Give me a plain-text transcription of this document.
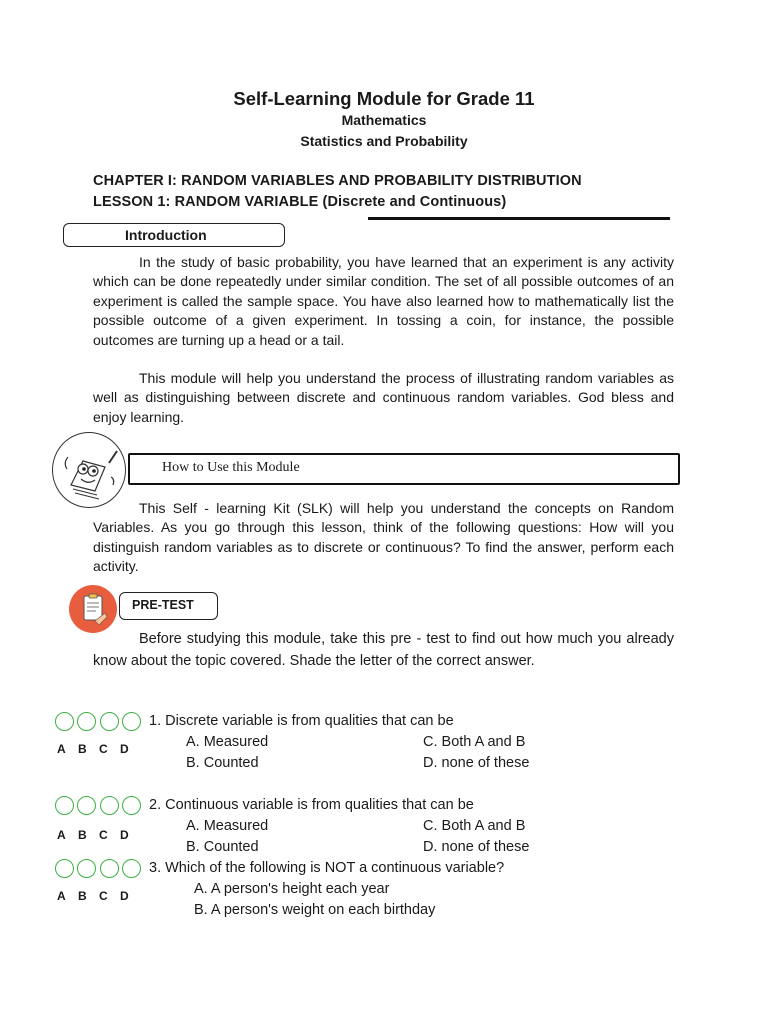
Self-Learning Module for Grade 11
Mathematics
Statistics and Probability
CHAPTER I: RANDOM VARIABLES AND PROBABILITY DISTRIBUTION
LESSON 1: RANDOM VARIABLE (Discrete and Continuous)
Introduction

In the study of basic probability, you have learned that an experiment is any activity which can be done repeatedly under similar condition. The set of all possible outcomes of an experiment is called the sample space. You have also learned how to mathematically list the possible outcome of a given experiment. In tossing a coin, for instance, the possible outcomes are turning up a head or a tail.

This module will help you understand the process of illustrating random variables as well as distinguishing between discrete and continuous random variables. God bless and enjoy learning.

How to Use this Module

This Self - learning Kit (SLK) will help you understand the concepts on Random Variables. As you go through this lesson, think of the following questions: How will you distinguish random variables as to discrete or continuous? To find the answer, perform each activity.

PRE-TEST

Before studying this module, take this pre - test to find out how much you already know about the topic covered. Shade the letter of the correct answer.

A B C D
1. Discrete variable is from qualities that can be
A. Measured
B. Counted
C. Both A and B
D. none of these
A B C D
2. Continuous variable is from qualities that can be
A. Measured
B. Counted
C. Both A and B
D. none of these
A B C D
3. Which of the following is NOT a continuous variable?
A. A person's height each year
B. A person's weight on each birthday
